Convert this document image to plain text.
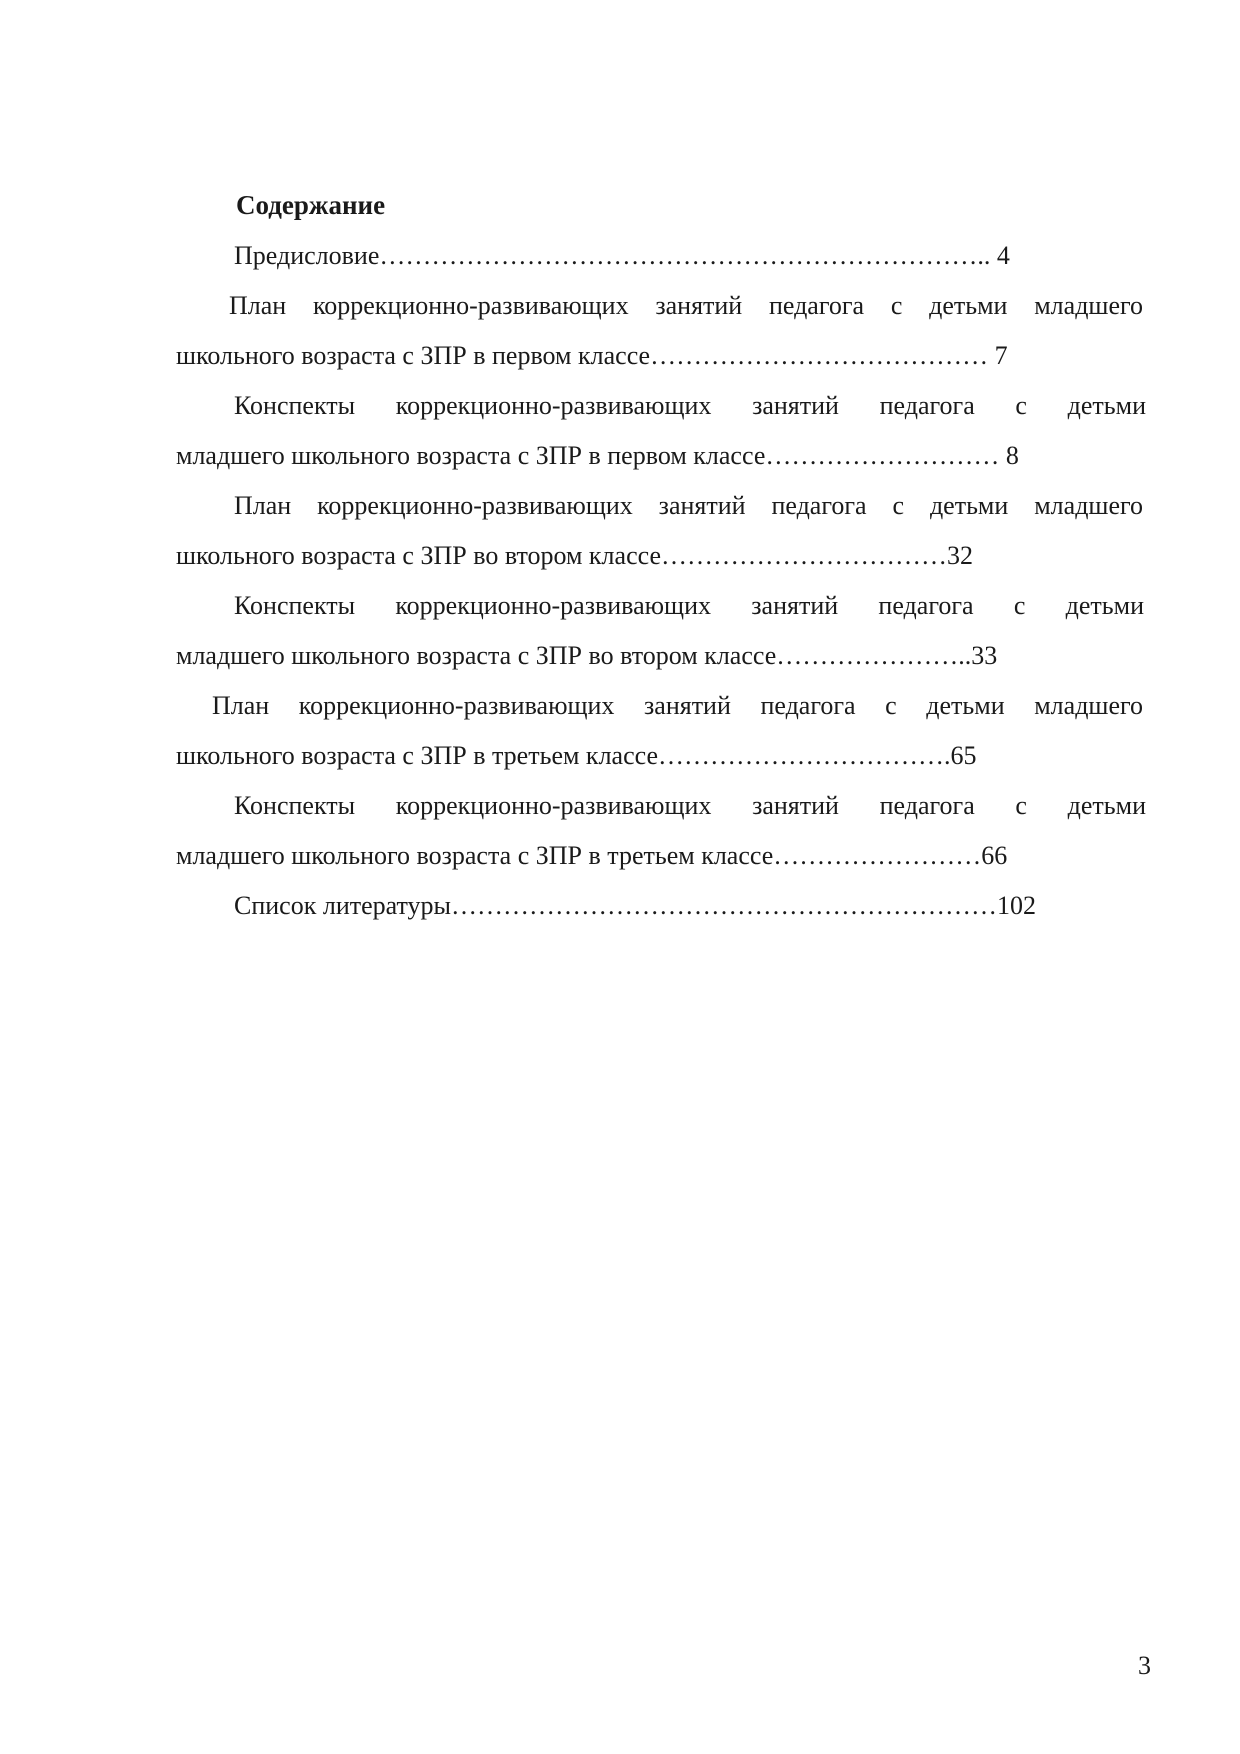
Содержание

Предисловие…………………………………………………………….. 4

План коррекционно-развивающих занятий педагога с детьми младшего

школьного возраста с ЗПР в первом классе………………………………… 7

Конспекты коррекционно-развивающих занятий педагога с детьми

младшего школьного возраста с ЗПР в первом классе……………………… 8

План коррекционно-развивающих занятий педагога с детьми младшего

школьного возраста с ЗПР во втором классе……………………………32

Конспекты коррекционно-развивающих занятий педагога с детьми

младшего школьного возраста с ЗПР во втором классе…………………..33

План коррекционно-развивающих занятий педагога с детьми младшего

школьного возраста с ЗПР в третьем классе…………………………….65

Конспекты коррекционно-развивающих занятий педагога с детьми

младшего школьного возраста с ЗПР в третьем классе……………………66

Список литературы………………………………………………………102

3
